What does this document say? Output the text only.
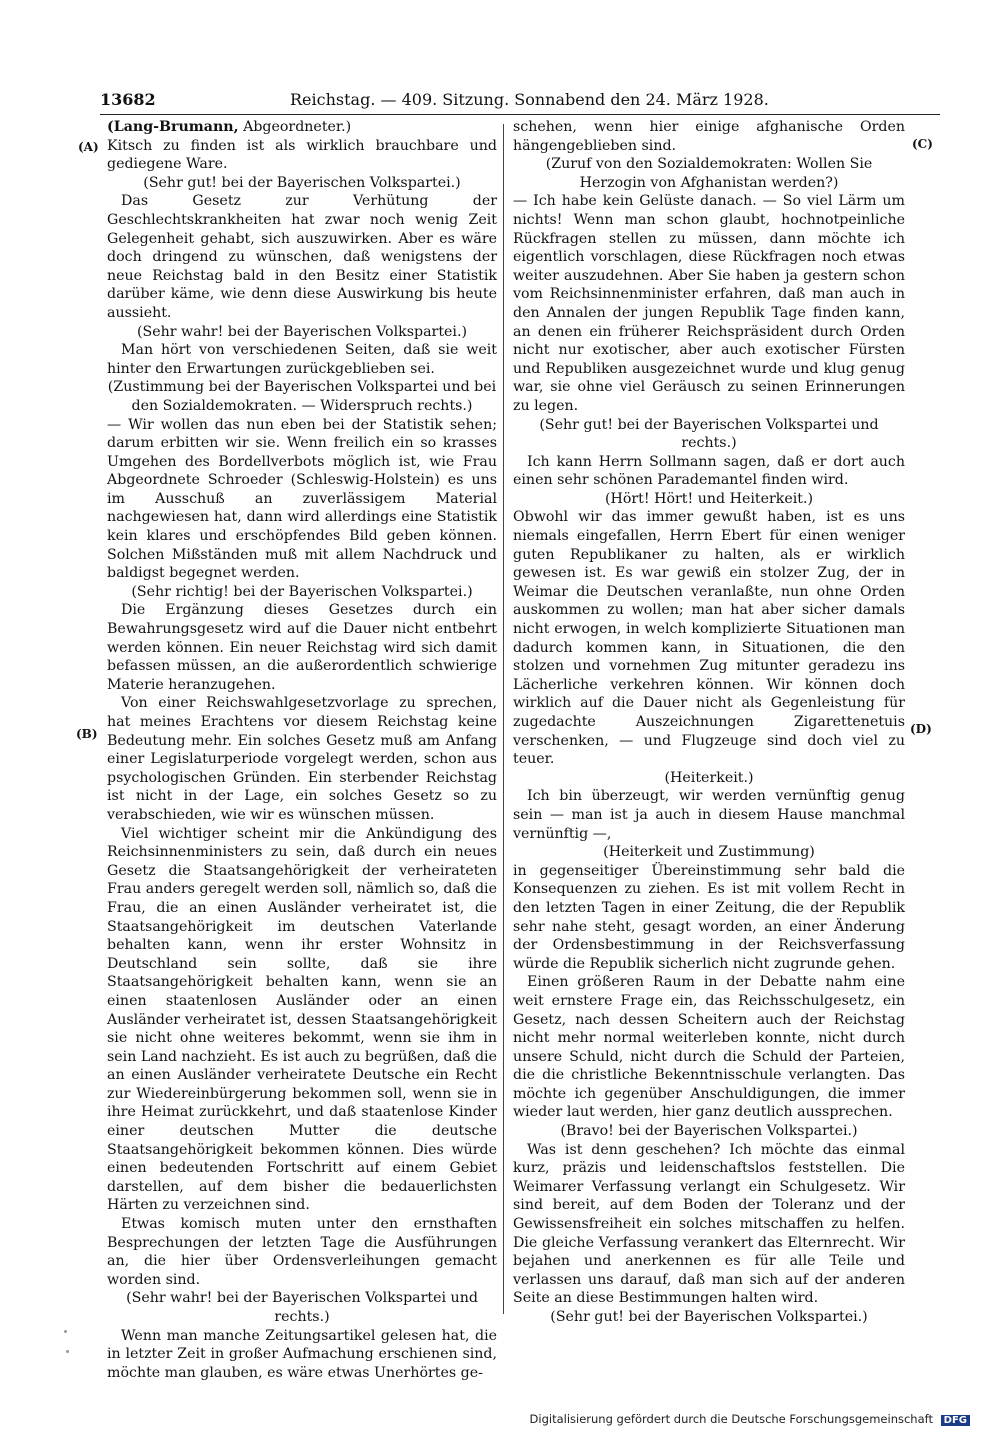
13682	Reichstag. — 409. Sitzung. Sonnabend den 24. März 1928.
(A)
(B)
(C)
(D)

(Lang-Brumann, Abgeordneter.)

Kitsch zu finden ist als wirklich brauchbare und gediegene Ware.

(Sehr gut! bei der Bayerischen Volkspartei.)

Das Gesetz zur Verhütung der Geschlechtskrankheiten hat zwar noch wenig Zeit Gelegenheit gehabt, sich auszuwirken. Aber es wäre doch dringend zu wünschen, daß wenigstens der neue Reichstag bald in den Besitz einer Statistik darüber käme, wie denn diese Auswirkung bis heute aussieht.

(Sehr wahr! bei der Bayerischen Volkspartei.)

Man hört von verschiedenen Seiten, daß sie weit hinter den Erwartungen zurückgeblieben sei.

(Zustimmung bei der Bayerischen Volkspartei und bei den Sozialdemokraten. — Widerspruch rechts.)

— Wir wollen das nun eben bei der Statistik sehen; darum erbitten wir sie. Wenn freilich ein so krasses Umgehen des Bordellverbots möglich ist, wie Frau Abgeordnete Schroeder (Schleswig-Holstein) es uns im Ausschuß an zuverlässigem Material nachgewiesen hat, dann wird allerdings eine Statistik kein klares und erschöpfendes Bild geben können. Solchen Mißständen muß mit allem Nachdruck und baldigst begegnet werden.

(Sehr richtig! bei der Bayerischen Volkspartei.)

Die Ergänzung dieses Gesetzes durch ein Bewahrungsgesetz wird auf die Dauer nicht entbehrt werden können. Ein neuer Reichstag wird sich damit befassen müssen, an die außerordentlich schwierige Materie heranzugehen.

Von einer Reichswahlgesetzvorlage zu sprechen, hat meines Erachtens vor diesem Reichstag keine Bedeutung mehr. Ein solches Gesetz muß am Anfang einer Legislaturperiode vorgelegt werden, schon aus psychologischen Gründen. Ein sterbender Reichstag ist nicht in der Lage, ein solches Gesetz so zu verabschieden, wie wir es wünschen müssen.

Viel wichtiger scheint mir die Ankündigung des Reichsinnenministers zu sein, daß durch ein neues Gesetz die Staatsangehörigkeit der verheirateten Frau anders geregelt werden soll, nämlich so, daß die Frau, die an einen Ausländer verheiratet ist, die Staatsangehörigkeit im deutschen Vaterlande behalten kann, wenn ihr erster Wohnsitz in Deutschland sein sollte, daß sie ihre Staatsangehörigkeit behalten kann, wenn sie an einen staatenlosen Ausländer oder an einen Ausländer verheiratet ist, dessen Staatsangehörigkeit sie nicht ohne weiteres bekommt, wenn sie ihm in sein Land nachzieht. Es ist auch zu begrüßen, daß die an einen Ausländer verheiratete Deutsche ein Recht zur Wiedereinbürgerung bekommen soll, wenn sie in ihre Heimat zurückkehrt, und daß staatenlose Kinder einer deutschen Mutter die deutsche Staatsangehörigkeit bekommen können. Dies würde einen bedeutenden Fortschritt auf einem Gebiet darstellen, auf dem bisher die bedauerlichsten Härten zu verzeichnen sind.

Etwas komisch muten unter den ernsthaften Besprechungen der letzten Tage die Ausführungen an, die hier über Ordensverleihungen gemacht worden sind.

(Sehr wahr! bei der Bayerischen Volkspartei und rechts.)

Wenn man manche Zeitungsartikel gelesen hat, die in letzter Zeit in großer Aufmachung erschienen sind, möchte man glauben, es wäre etwas Unerhörtes ge-

schehen, wenn hier einige afghanische Orden hängengeblieben sind.

(Zuruf von den Sozialdemokraten: Wollen Sie Herzogin von Afghanistan werden?)

— Ich habe kein Gelüste danach. — So viel Lärm um nichts! Wenn man schon glaubt, hochnotpeinliche Rückfragen stellen zu müssen, dann möchte ich eigentlich vorschlagen, diese Rückfragen noch etwas weiter auszudehnen. Aber Sie haben ja gestern schon vom Reichsinnenminister erfahren, daß man auch in den Annalen der jungen Republik Tage finden kann, an denen ein früherer Reichspräsident durch Orden nicht nur exotischer, aber auch exotischer Fürsten und Republiken ausgezeichnet wurde und klug genug war, sie ohne viel Geräusch zu seinen Erinnerungen zu legen.

(Sehr gut! bei der Bayerischen Volkspartei und rechts.)

Ich kann Herrn Sollmann sagen, daß er dort auch einen sehr schönen Parademantel finden wird.

(Hört! Hört! und Heiterkeit.)

Obwohl wir das immer gewußt haben, ist es uns niemals eingefallen, Herrn Ebert für einen weniger guten Republikaner zu halten, als er wirklich gewesen ist. Es war gewiß ein stolzer Zug, der in Weimar die Deutschen veranlaßte, nun ohne Orden auskommen zu wollen; man hat aber sicher damals nicht erwogen, in welch komplizierte Situationen man dadurch kommen kann, in Situationen, die den stolzen und vornehmen Zug mitunter geradezu ins Lächerliche verkehren können. Wir können doch wirklich auf die Dauer nicht als Gegenleistung für zugedachte Auszeichnungen Zigarettenetuis verschenken, — und Flugzeuge sind doch viel zu teuer.

(Heiterkeit.)

Ich bin überzeugt, wir werden vernünftig genug sein — man ist ja auch in diesem Hause manchmal vernünftig —,

(Heiterkeit und Zustimmung)

in gegenseitiger Übereinstimmung sehr bald die Konsequenzen zu ziehen. Es ist mit vollem Recht in den letzten Tagen in einer Zeitung, die der Republik sehr nahe steht, gesagt worden, an einer Änderung der Ordensbestimmung in der Reichsverfassung würde die Republik sicherlich nicht zugrunde gehen.

Einen größeren Raum in der Debatte nahm eine weit ernstere Frage ein, das Reichsschulgesetz, ein Gesetz, nach dessen Scheitern auch der Reichstag nicht mehr normal weiterleben konnte, nicht durch unsere Schuld, nicht durch die Schuld der Parteien, die die christliche Bekenntnisschule verlangten. Das möchte ich gegenüber Anschuldigungen, die immer wieder laut werden, hier ganz deutlich aussprechen.

(Bravo! bei der Bayerischen Volkspartei.)

Was ist denn geschehen? Ich möchte das einmal kurz, präzis und leidenschaftslos feststellen. Die Weimarer Verfassung verlangt ein Schulgesetz. Wir sind bereit, auf dem Boden der Toleranz und der Gewissensfreiheit ein solches mitschaffen zu helfen. Die gleiche Verfassung verankert das Elternrecht. Wir bejahen und anerkennen es für alle Teile und verlassen uns darauf, daß man sich auf der anderen Seite an diese Bestimmungen halten wird.

(Sehr gut! bei der Bayerischen Volkspartei.)

Digitalisierung gefördert durch die Deutsche Forschungsgemeinschaft DFG
